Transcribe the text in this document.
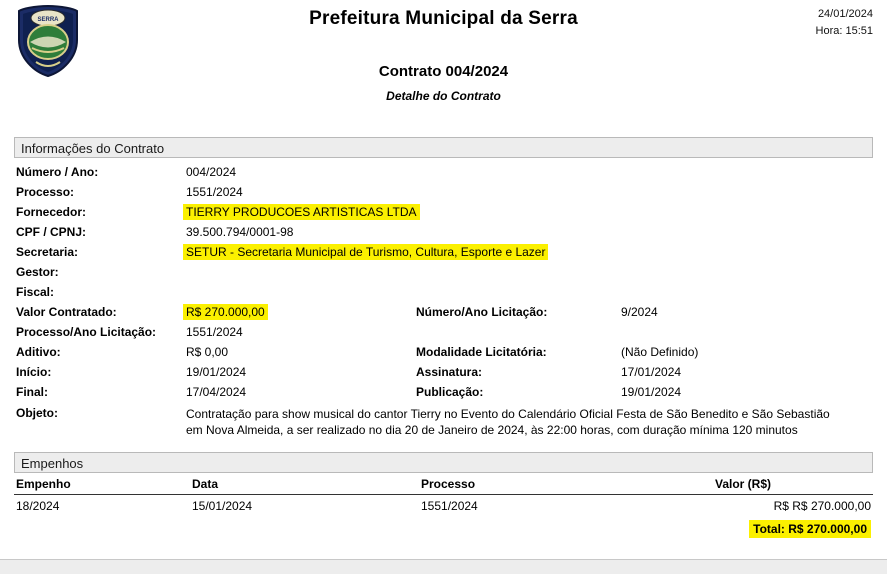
SERRA	Prefeitura Municipal da Serra	24/01/2024
Hora: 15:51
Contrato 004/2024
Detalhe do Contrato
Informações do Contrato
Número / Ano:	004/2024
Processo:	1551/2024
Fornecedor:	TIERRY PRODUCOES ARTISTICAS LTDA
CPF / CPNJ:	39.500.794/0001-98
Secretaria:	SETUR - Secretaria Municipal de Turismo, Cultura, Esporte e Lazer
Gestor:
Fiscal:
Valor Contratado:	R$ 270.000,00	Número/Ano Licitação:	9/2024
Processo/Ano Licitação:	1551/2024
Aditivo:	R$ 0,00	Modalidade Licitatória:	(Não Definido)
Início:	19/01/2024	Assinatura:	17/01/2024
Final:	17/04/2024	Publicação:	19/01/2024
Objeto:	Contratação para show musical do cantor Tierry no Evento do Calendário Oficial Festa de São Benedito e São Sebastião em Nova Almeida, a ser realizado no dia 20 de Janeiro de 2024, às 22:00 horas, com duração mínima 120 minutos
Empenhos
Empenho	Data	Processo	Valor (R$)
18/2024	15/01/2024	1551/2024	R$ R$ 270.000,00
Total: R$ 270.000,00			
